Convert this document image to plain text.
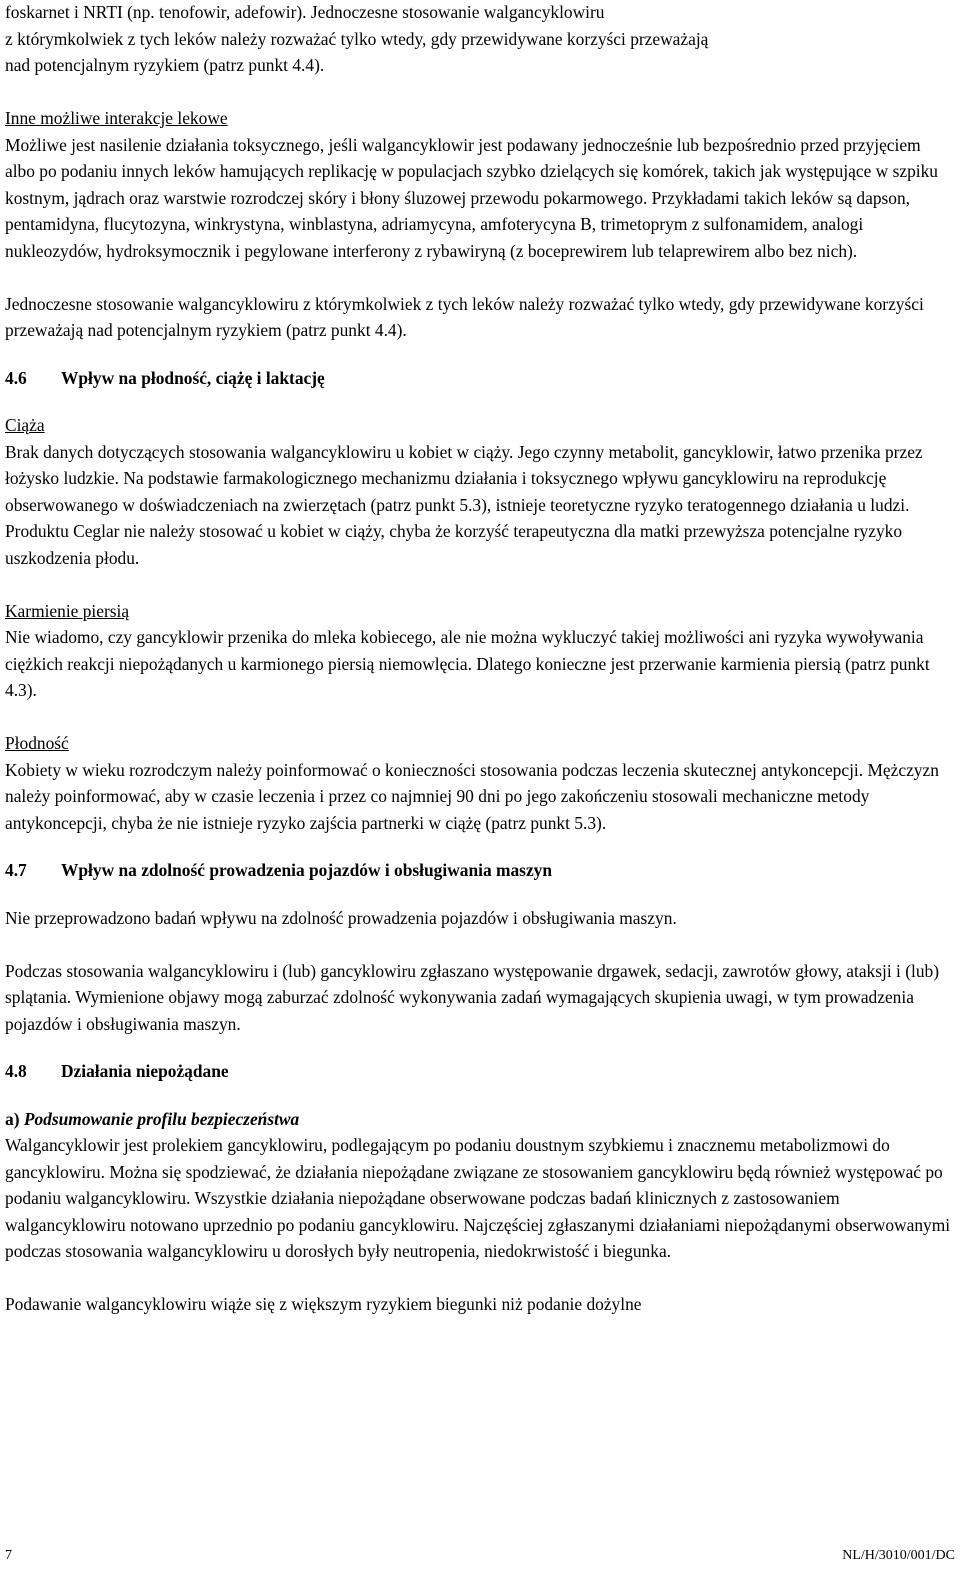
foskarnet i NRTI (np. tenofowir, adefowir). Jednoczesne stosowanie walgancyklowiru
z którymkolwiek z tych leków należy rozważać tylko wtedy, gdy przewidywane korzyści przeważają
nad potencjalnym ryzykiem (patrz punkt 4.4).

Inne możliwe interakcje lekowe

Możliwe jest nasilenie działania toksycznego, jeśli walgancyklowir jest podawany jednocześnie lub bezpośrednio przed przyjęciem albo po podaniu innych leków hamujących replikację w populacjach szybko dzielących się komórek, takich jak występujące w szpiku kostnym, jądrach oraz warstwie rozrodczej skóry i błony śluzowej przewodu pokarmowego. Przykładami takich leków są dapson, pentamidyna, flucytozyna, winkrystyna, winblastyna, adriamycyna, amfoterycyna B, trimetoprym z sulfonamidem, analogi nukleozydów, hydroksymocznik i pegylowane interferony z rybawiryną (z boceprewirem lub telaprewirem albo bez nich).

Jednoczesne stosowanie walgancyklowiru z którymkolwiek z tych leków należy rozważać tylko wtedy, gdy przewidywane korzyści przeważają nad potencjalnym ryzykiem (patrz punkt 4.4).

4.6 Wpływ na płodność, ciążę i laktację

Ciąża

Brak danych dotyczących stosowania walgancyklowiru u kobiet w ciąży. Jego czynny metabolit, gancyklowir, łatwo przenika przez łożysko ludzkie. Na podstawie farmakologicznego mechanizmu działania i toksycznego wpływu gancyklowiru na reprodukcję obserwowanego w doświadczeniach na zwierzętach (patrz punkt 5.3), istnieje teoretyczne ryzyko teratogennego działania u ludzi. Produktu Ceglar nie należy stosować u kobiet w ciąży, chyba że korzyść terapeutyczna dla matki przewyższa potencjalne ryzyko uszkodzenia płodu.

Karmienie piersią

Nie wiadomo, czy gancyklowir przenika do mleka kobiecego, ale nie można wykluczyć takiej możliwości ani ryzyka wywoływania ciężkich reakcji niepożądanych u karmionego piersią niemowlęcia. Dlatego konieczne jest przerwanie karmienia piersią (patrz punkt 4.3).

Płodność

Kobiety w wieku rozrodczym należy poinformować o konieczności stosowania podczas leczenia skutecznej antykoncepcji. Mężczyzn należy poinformować, aby w czasie leczenia i przez co najmniej 90 dni po jego zakończeniu stosowali mechaniczne metody antykoncepcji, chyba że nie istnieje ryzyko zajścia partnerki w ciążę (patrz punkt 5.3).

4.7 Wpływ na zdolność prowadzenia pojazdów i obsługiwania maszyn

Nie przeprowadzono badań wpływu na zdolność prowadzenia pojazdów i obsługiwania maszyn.

Podczas stosowania walgancyklowiru i (lub) gancyklowiru zgłaszano występowanie drgawek, sedacji, zawrotów głowy, ataksji i (lub) splątania. Wymienione objawy mogą zaburzać zdolność wykonywania zadań wymagających skupienia uwagi, w tym prowadzenia pojazdów i obsługiwania maszyn.

4.8 Działania niepożądane

a) Podsumowanie profilu bezpieczeństwa

Walgancyklowir jest prolekiem gancyklowiru, podlegającym po podaniu doustnym szybkiemu i znacznemu metabolizmowi do gancyklowiru. Można się spodziewać, że działania niepożądane związane ze stosowaniem gancyklowiru będą również występować po podaniu walgancyklowiru. Wszystkie działania niepożądane obserwowane podczas badań klinicznych z zastosowaniem walgancyklowiru notowano uprzednio po podaniu gancyklowiru. Najczęściej zgłaszanymi działaniami niepożądanymi obserwowanymi podczas stosowania walgancyklowiru u dorosłych były neutropenia, niedokrwistość i biegunka.

Podawanie walgancyklowiru wiąże się z większym ryzykiem biegunki niż podanie dożylne

7	NL/H/3010/001/DC
